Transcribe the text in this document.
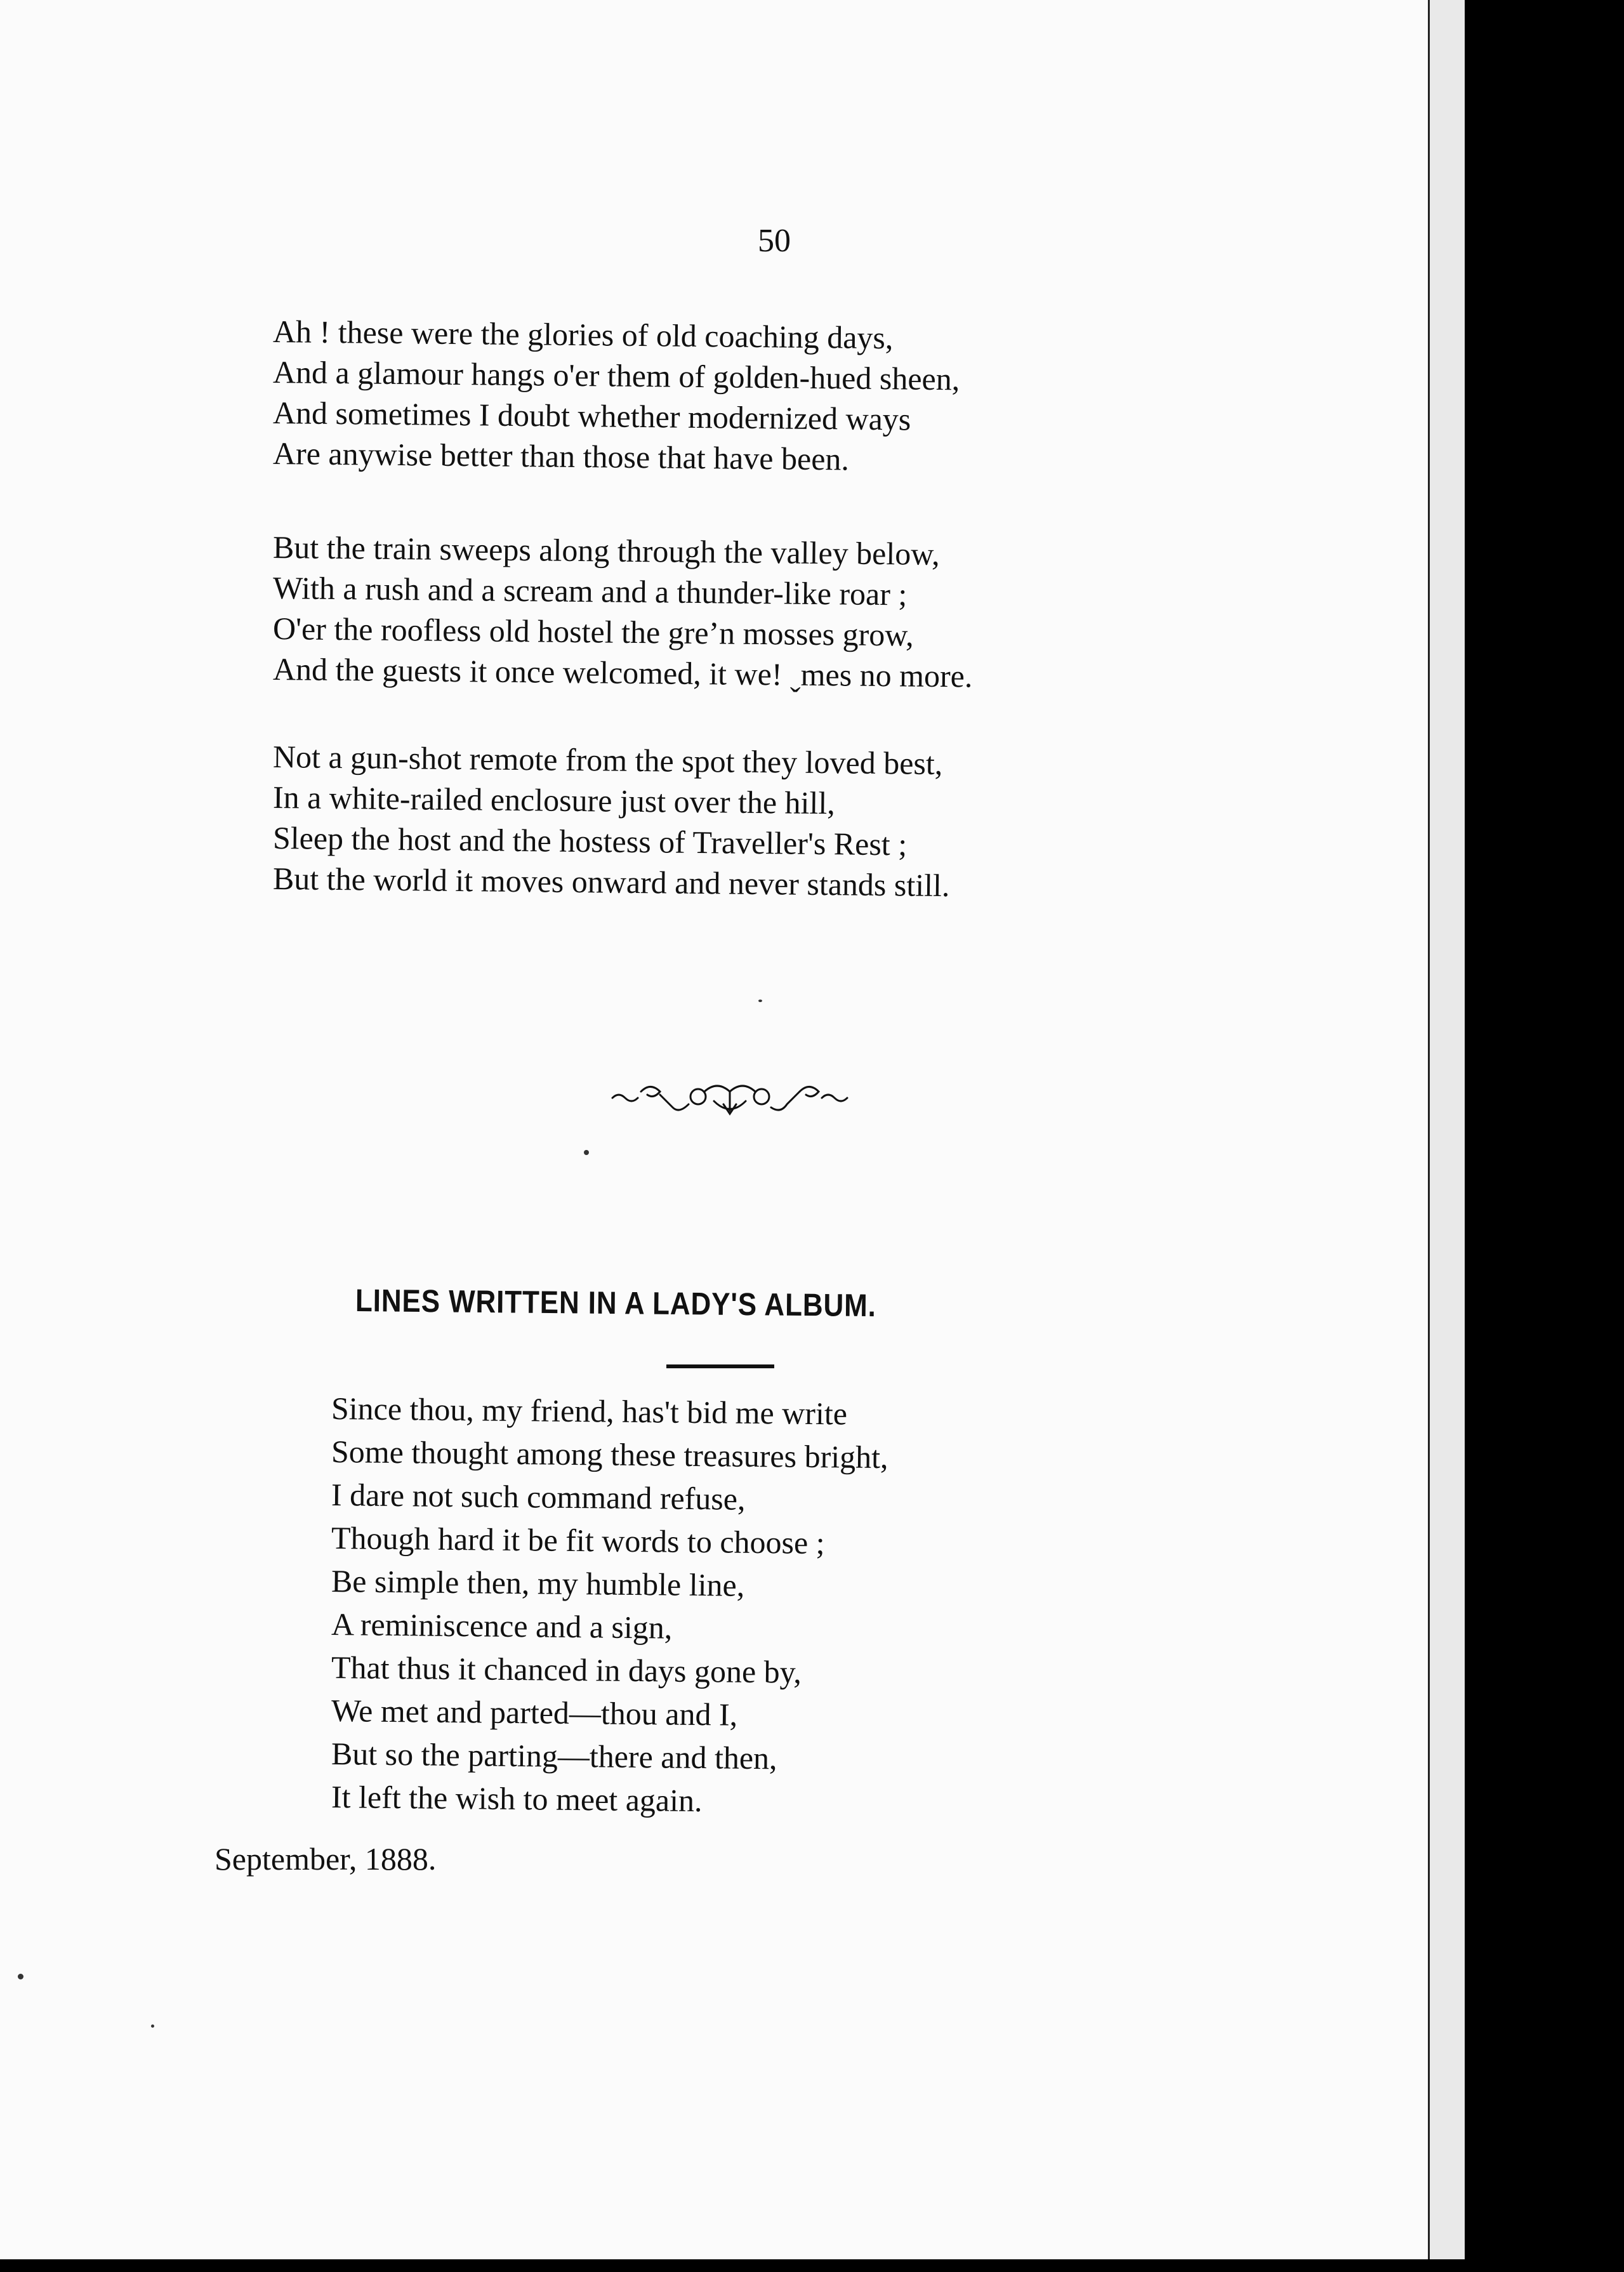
50
Ah ! these were the glories of old coaching days,
And a glamour hangs o'er them of golden-hued sheen,
And sometimes I doubt whether modernized ways
Are anywise better than those that have been.
But the train sweeps along through the valley below,
With a rush and a scream and a thunder-like roar ;
O'er the roofless old hostel the gre’n mosses grow,
And the guests it once welcomed, it we! ˬmes no more.
Not a gun-shot remote from the spot they loved best,
In a white-railed enclosure just over the hill,
Sleep the host and the hostess of Traveller's Rest ;
But the world it moves onward and never stands still.
LINES WRITTEN IN A LADY'S ALBUM.
Since thou, my friend, has't bid me write
Some thought among these treasures bright,
I dare not such command refuse,
Though hard it be fit words to choose ;
Be simple then, my humble line,
A reminiscence and a sign,
That thus it chanced in days gone by,
We met and parted—thou and I,
But so the parting—there and then,
It left the wish to meet again.
September, 1888.
